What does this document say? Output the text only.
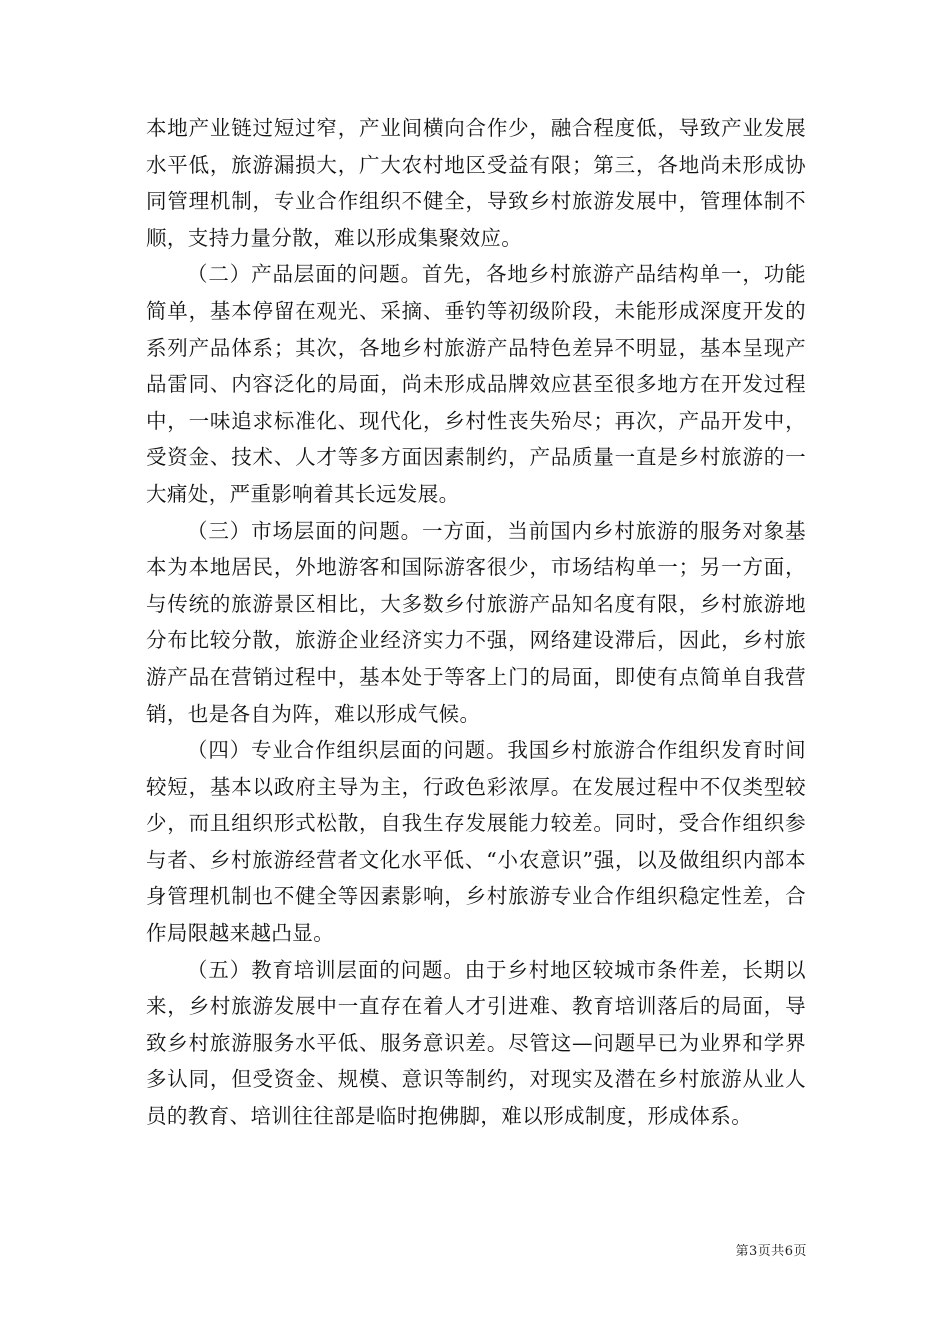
本地产业链过短过窄，产业间横向合作少，融合程度低，导致产业发展水平低，旅游漏损大，广大农村地区受益有限；第三，各地尚未形成协同管理机制，专业合作组织不健全，导致乡村旅游发展中，管理体制不顺，支持力量分散，难以形成集聚效应。

（二）产品层面的问题。首先，各地乡村旅游产品结构单一，功能简单，基本停留在观光、采摘、垂钓等初级阶段，未能形成深度开发的系列产品体系；其次，各地乡村旅游产品特色差异不明显，基本呈现产品雷同、内容泛化的局面，尚未形成品牌效应甚至很多地方在开发过程中，一味追求标准化、现代化，乡村性丧失殆尽；再次，产品开发中，受资金、技术、人才等多方面因素制约，产品质量一直是乡村旅游的一大痛处，严重影响着其长远发展。

（三）市场层面的问题。一方面，当前国内乡村旅游的服务对象基本为本地居民，外地游客和国际游客很少，市场结构单一；另一方面，与传统的旅游景区相比，大多数乡付旅游产品知名度有限，乡村旅游地分布比较分散，旅游企业经济实力不强，网络建设滞后，因此，乡村旅游产品在营销过程中，基本处于等客上门的局面，即使有点简单自我营销，也是各自为阵，难以形成气候。

（四）专业合作组织层面的问题。我国乡村旅游合作组织发育时间较短，基本以政府主导为主，行政色彩浓厚。在发展过程中不仅类型较少，而且组织形式松散，自我生存发展能力较差。同时，受合作组织参与者、乡村旅游经营者文化水平低、“小农意识”强，以及做组织内部本身管理机制也不健全等因素影响，乡村旅游专业合作组织稳定性差，合作局限越来越凸显。

（五）教育培训层面的问题。由于乡村地区较城市条件差，长期以来，乡村旅游发展中一直存在着人才引进难、教育培训落后的局面，导致乡村旅游服务水平低、服务意识差。尽管这—问题早已为业界和学界多认同，但受资金、规模、意识等制约，对现实及潜在乡村旅游从业人员的教育、培训往往部是临时抱佛脚，难以形成制度，形成体系。

第3页共6页
